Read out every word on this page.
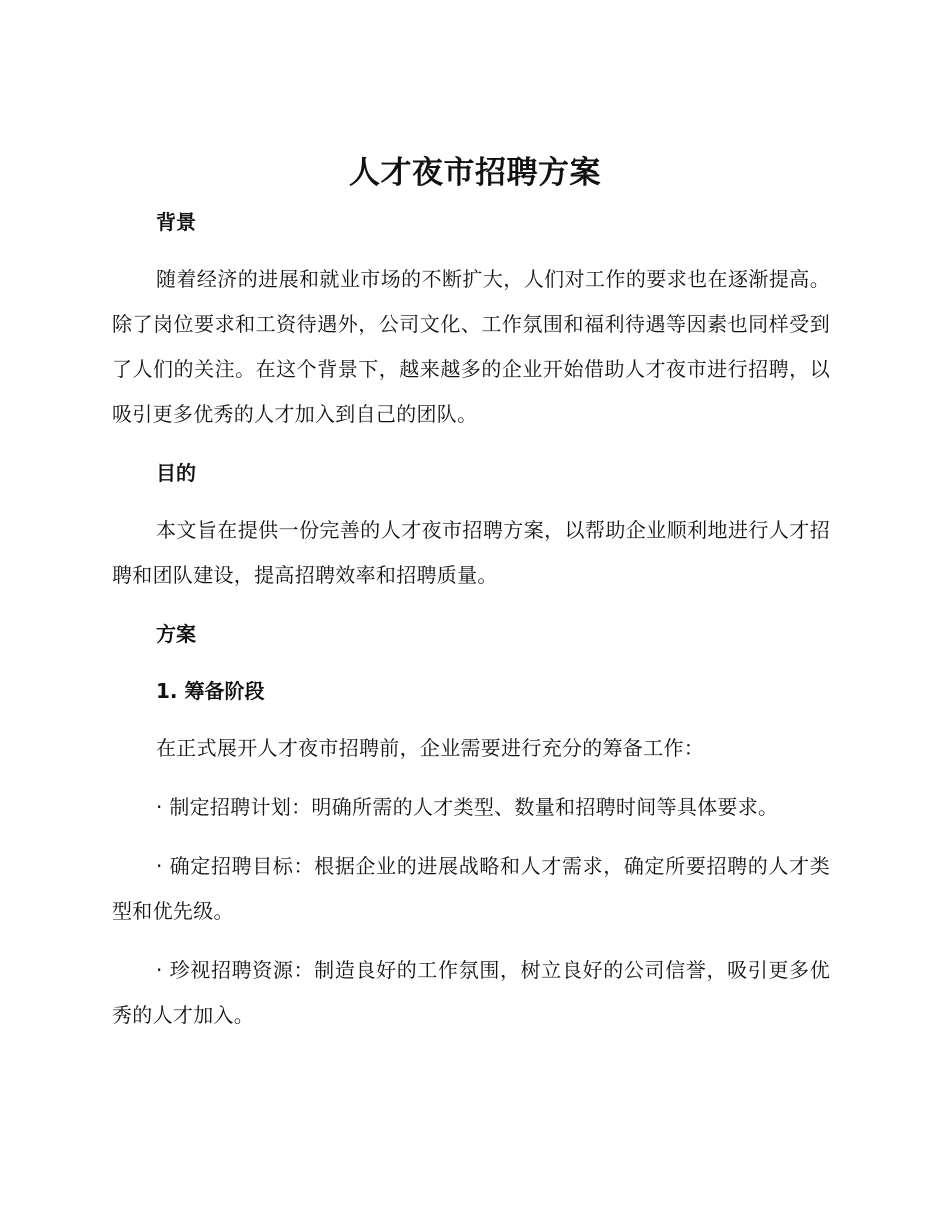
人才夜市招聘方案

背景

随着经济的进展和就业市场的不断扩大，人们对工作的要求也在逐渐提高。除了岗位要求和工资待遇外，公司文化、工作氛围和福利待遇等因素也同样受到了人们的关注。在这个背景下，越来越多的企业开始借助人才夜市进行招聘，以吸引更多优秀的人才加入到自己的团队。

目的

本文旨在提供一份完善的人才夜市招聘方案，以帮助企业顺利地进行人才招聘和团队建设，提高招聘效率和招聘质量。

方案

1. 筹备阶段

在正式展开人才夜市招聘前，企业需要进行充分的筹备工作：

· 制定招聘计划：明确所需的人才类型、数量和招聘时间等具体要求。

· 确定招聘目标：根据企业的进展战略和人才需求，确定所要招聘的人才类型和优先级。

· 珍视招聘资源：制造良好的工作氛围，树立良好的公司信誉，吸引更多优秀的人才加入。
